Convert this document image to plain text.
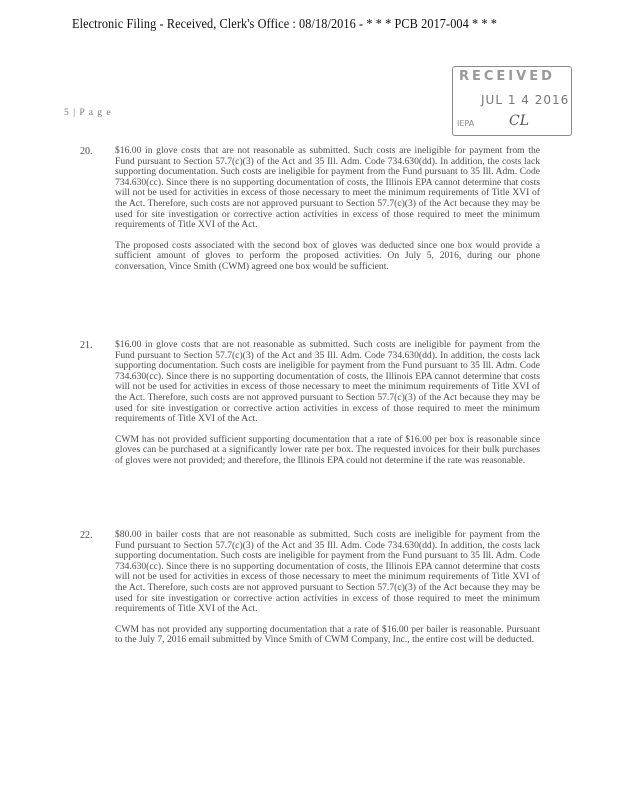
Electronic Filing - Received, Clerk's Office : 08/18/2016 - * * * PCB 2017-004 * * *
RECEIVED
JUL 1 4 2016
IEPA CL
5 | P a g e
20. $16.00 in glove costs that are not reasonable as submitted. Such costs are ineligible for payment from the Fund pursuant to Section 57.7(c)(3) of the Act and 35 Ill. Adm. Code 734.630(dd). In addition, the costs lack supporting documentation. Such costs are ineligible for payment from the Fund pursuant to 35 Ill. Adm. Code 734.630(cc). Since there is no supporting documentation of costs, the Illinois EPA cannot determine that costs will not be used for activities in excess of those necessary to meet the minimum requirements of Title XVI of the Act. Therefore, such costs are not approved pursuant to Section 57.7(c)(3) of the Act because they may be used for site investigation or corrective action activities in excess of those required to meet the minimum requirements of Title XVI of the Act.

The proposed costs associated with the second box of gloves was deducted since one box would provide a sufficient amount of gloves to perform the proposed activities. On July 5, 2016, during our phone conversation, Vince Smith (CWM) agreed one box would be sufficient.

21. $16.00 in glove costs that are not reasonable as submitted. Such costs are ineligible for payment from the Fund pursuant to Section 57.7(c)(3) of the Act and 35 Ill. Adm. Code 734.630(dd). In addition, the costs lack supporting documentation. Such costs are ineligible for payment from the Fund pursuant to 35 Ill. Adm. Code 734.630(cc). Since there is no supporting documentation of costs, the Illinois EPA cannot determine that costs will not be used for activities in excess of those necessary to meet the minimum requirements of Title XVI of the Act. Therefore, such costs are not approved pursuant to Section 57.7(c)(3) of the Act because they may be used for site investigation or corrective action activities in excess of those required to meet the minimum requirements of Title XVI of the Act.

CWM has not provided sufficient supporting documentation that a rate of $16.00 per box is reasonable since gloves can be purchased at a significantly lower rate per box. The requested invoices for their bulk purchases of gloves were not provided; and therefore, the Illinois EPA could not determine if the rate was reasonable.

22. $80.00 in bailer costs that are not reasonable as submitted. Such costs are ineligible for payment from the Fund pursuant to Section 57.7(c)(3) of the Act and 35 Ill. Adm. Code 734.630(dd). In addition, the costs lack supporting documentation. Such costs are ineligible for payment from the Fund pursuant to 35 Ill. Adm. Code 734.630(cc). Since there is no supporting documentation of costs, the Illinois EPA cannot determine that costs will not be used for activities in excess of those necessary to meet the minimum requirements of Title XVI of the Act. Therefore, such costs are not approved pursuant to Section 57.7(c)(3) of the Act because they may be used for site investigation or corrective action activities in excess of those required to meet the minimum requirements of Title XVI of the Act.

CWM has not provided any supporting documentation that a rate of $16.00 per bailer is reasonable. Pursuant to the July 7, 2016 email submitted by Vince Smith of CWM Company, Inc., the entire cost will be deducted.
